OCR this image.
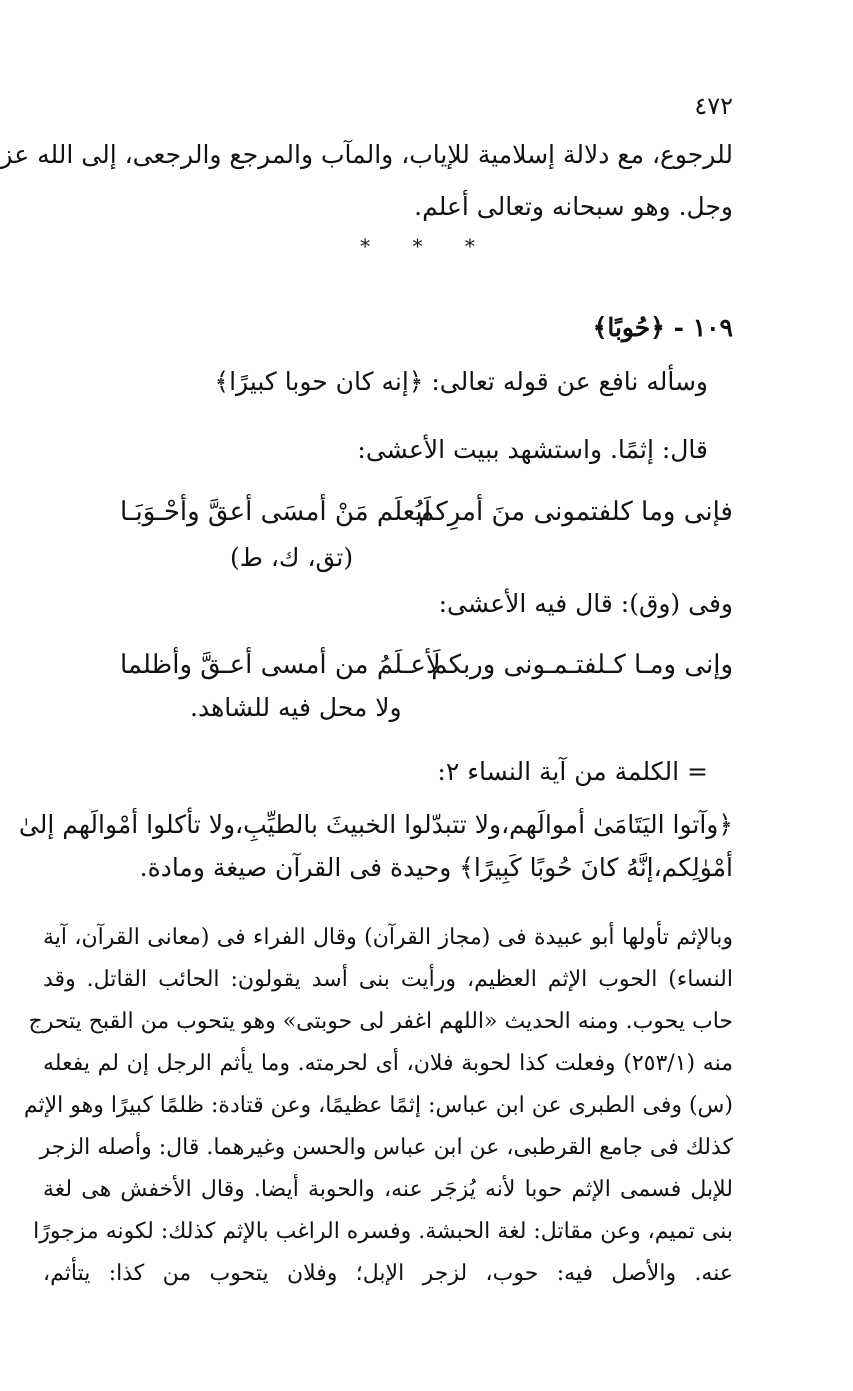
٤٧٢
للرجوع، مع دلالة إسلامية للإياب، والمآب والمرجع والرجعى، إلى الله عز
وجل. وهو سبحانه وتعالى أعلم.
* * *
١٠٩ - ﴿حُوبًا﴾
وسأله نافع عن قوله تعالى: ﴿إنه كان حوبا كبيرًا﴾
قال: إثمًا. واستشهد ببيت الأعشى:
فإنى وما كلفتمونى منَ أمرِكم
لَيُعلَم مَنْ أمسَى أعقَّ وأحْـوَبَـا
(تق، ك، ط)
وفى (وق): قال فيه الأعشى:
وإنى ومـا كـلفتـمـونى وربكم
لَأعـلَمُ من أمسى أعـقَّ وأظلما
ولا محل فيه للشاهد.
= الكلمة من آية النساء ٢:
﴿وآتوا اليَتَامَىٰ أموالَهم،ولا تتبدّلوا الخبيثَ بالطيِّبِ،ولا تأكلوا أمْوالَهم إلىٰ
أمْوٰلِكم،إنَّهُ كانَ حُوبًا كَبِيرًا﴾ وحيدة فى القرآن صيغة ومادة.
وبالإثم تأولها أبو عبيدة فى (مجاز القرآن) وقال الفراء فى (معانى القرآن، آية
النساء) الحوب الإثم العظيم، ورأيت بنى أسد يقولون: الحائب القاتل. وقد
حاب يحوب. ومنه الحديث «اللهم اغفر لى حوبتى» وهو يتحوب من القبح يتحرج
منه (٢٥٣/١) وفعلت كذا لحوبة فلان، أى لحرمته. وما يأثم الرجل إن لم يفعله
(س) وفى الطبرى عن ابن عباس: إثمًا عظيمًا، وعن قتادة: ظلمًا كبيرًا وهو الإثم
كذلك فى جامع القرطبى، عن ابن عباس والحسن وغيرهما. قال: وأصله الزجر
للإبل فسمى الإثم حوبا لأنه يُزجَر عنه، والحوبة أيضا. وقال الأخفش هى لغة
بنى تميم، وعن مقاتل: لغة الحبشة. وفسره الراغب بالإثم كذلك: لكونه مزجورًا
عنه. والأصل فيه: حوب، لزجر الإبل؛ وفلان يتحوب من كذا: يتأثم،
